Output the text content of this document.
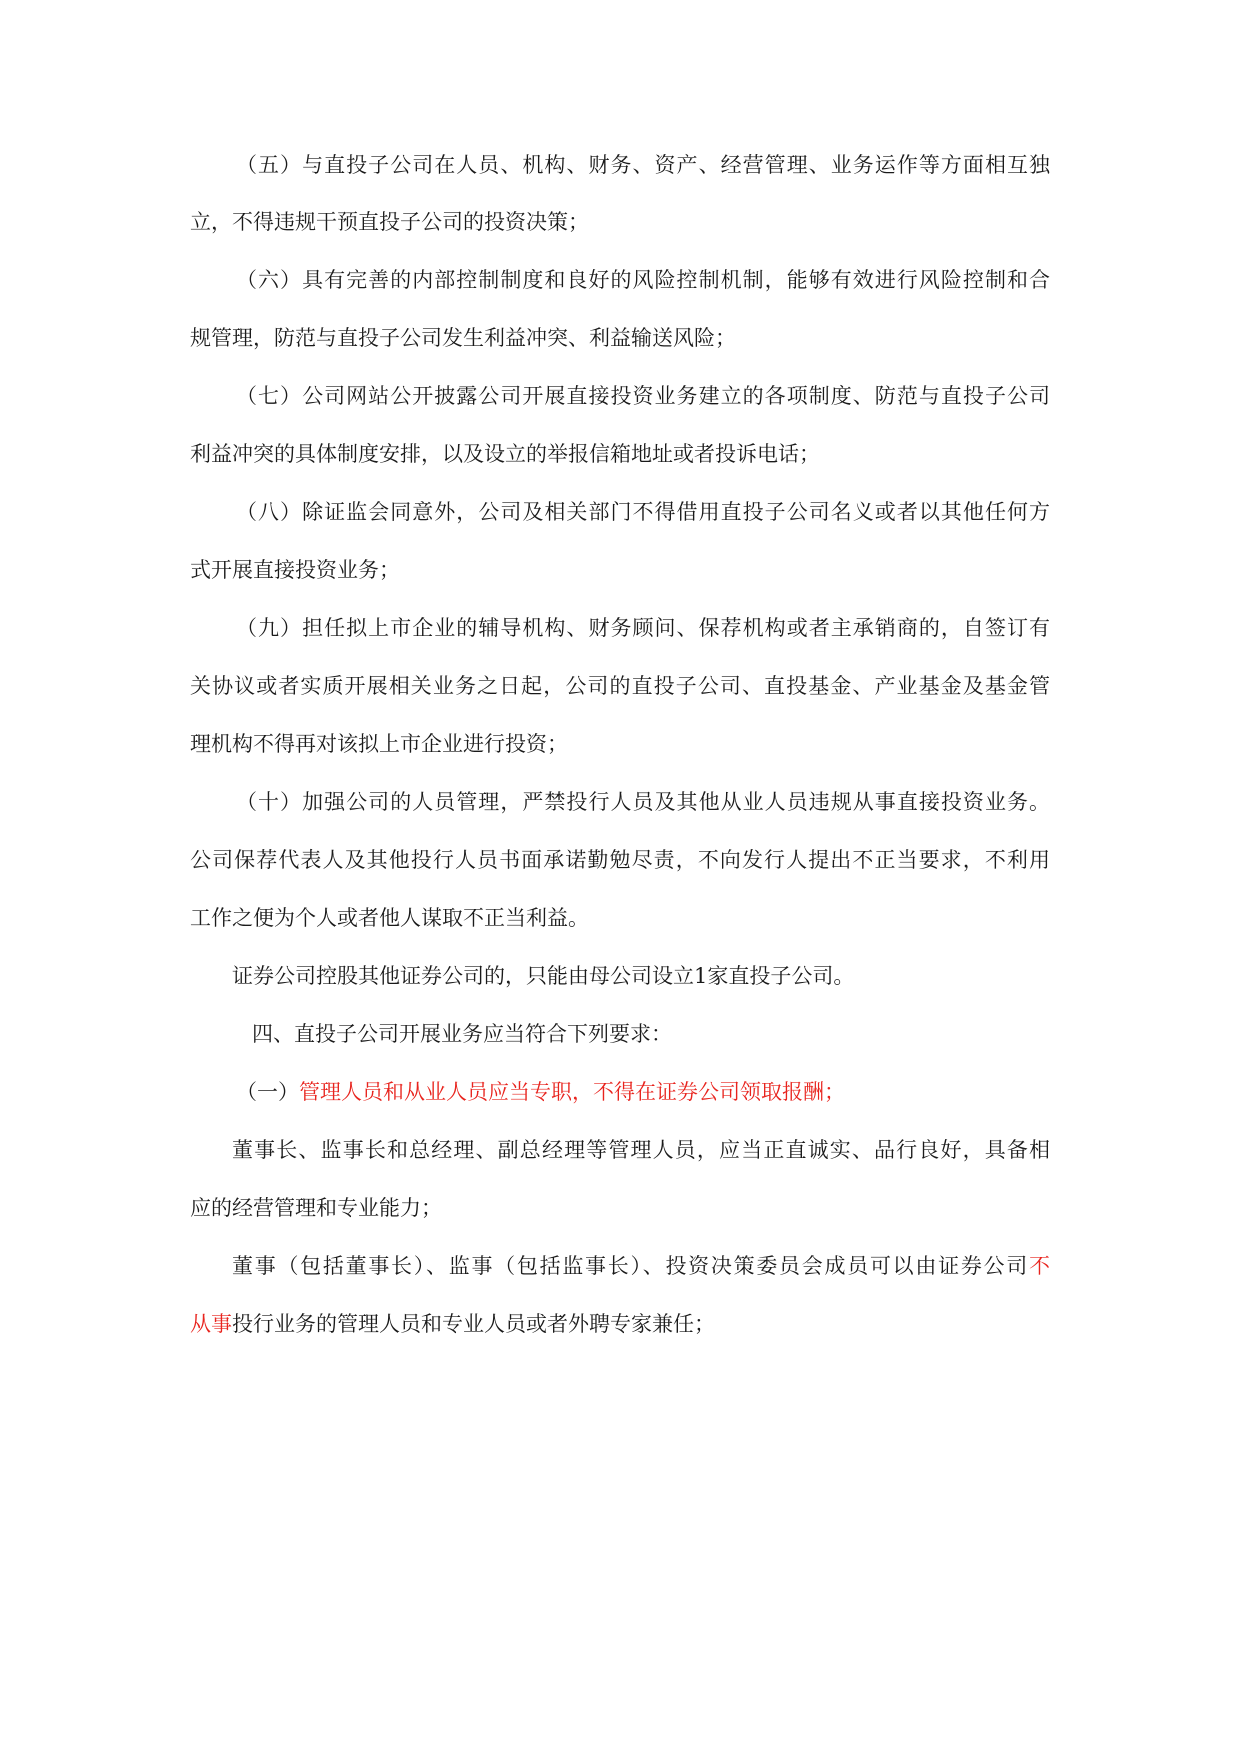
（五）与直投子公司在人员、机构、财务、资产、经营管理、业务运作等方面相互独
立，不得违规干预直投子公司的投资决策；
（六）具有完善的内部控制制度和良好的风险控制机制，能够有效进行风险控制和合
规管理，防范与直投子公司发生利益冲突、利益输送风险；
（七）公司网站公开披露公司开展直接投资业务建立的各项制度、防范与直投子公司
利益冲突的具体制度安排，以及设立的举报信箱地址或者投诉电话；
（八）除证监会同意外，公司及相关部门不得借用直投子公司名义或者以其他任何方
式开展直接投资业务；
（九）担任拟上市企业的辅导机构、财务顾问、保荐机构或者主承销商的，自签订有
关协议或者实质开展相关业务之日起，公司的直投子公司、直投基金、产业基金及基金管
理机构不得再对该拟上市企业进行投资；
（十）加强公司的人员管理，严禁投行人员及其他从业人员违规从事直接投资业务。
公司保荐代表人及其他投行人员书面承诺勤勉尽责，不向发行人提出不正当要求，不利用
工作之便为个人或者他人谋取不正当利益。
证券公司控股其他证券公司的，只能由母公司设立1家直投子公司。
四、直投子公司开展业务应当符合下列要求：
（一）管理人员和从业人员应当专职，不得在证券公司领取报酬；
董事长、监事长和总经理、副总经理等管理人员，应当正直诚实、品行良好，具备相
应的经营管理和专业能力；
董事（包括董事长）、监事（包括监事长）、投资决策委员会成员可以由证券公司不
从事投行业务的管理人员和专业人员或者外聘专家兼任；
